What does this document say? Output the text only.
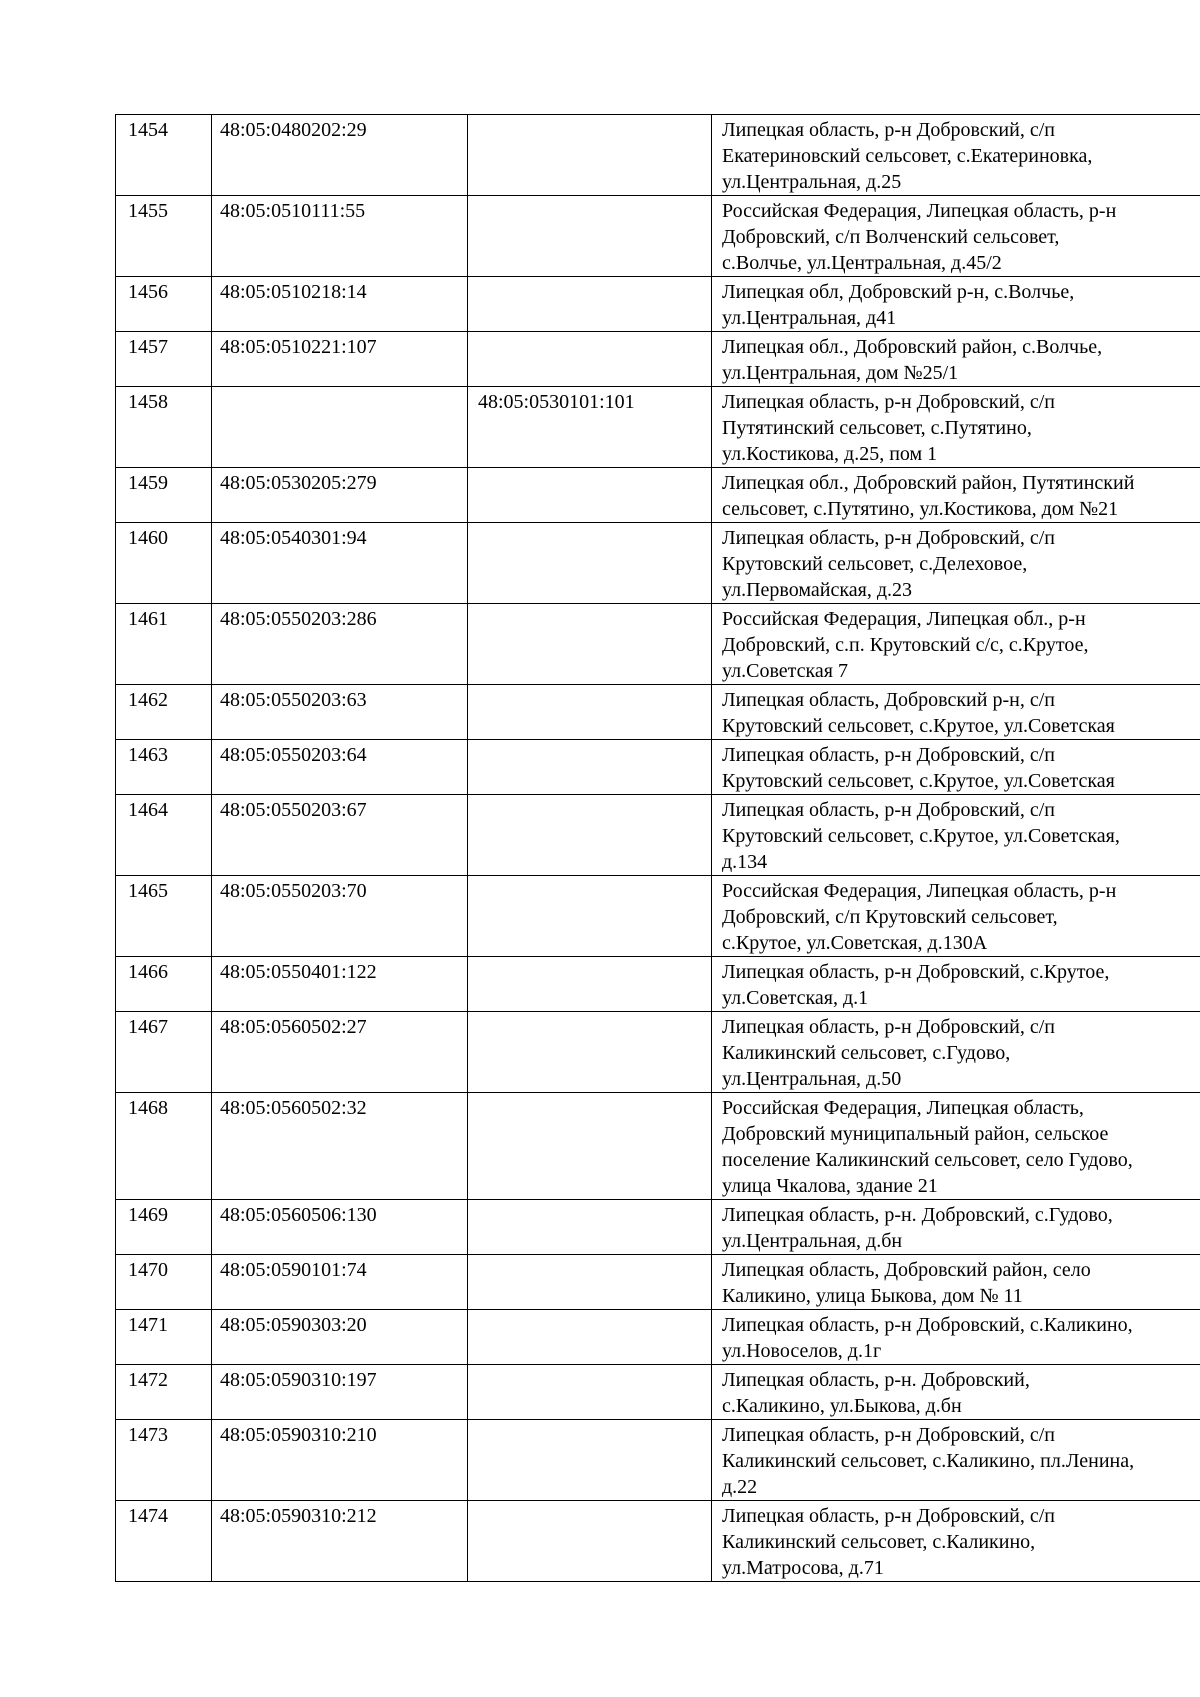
1454	48:05:0480202:29		Липецкая область, р-н Добровский, с/п
Екатериновский сельсовет, с.Екатериновка,
ул.Центральная, д.25

1455	48:05:0510111:55		Российская Федерация, Липецкая область, р-н
Добровский, с/п Волченский сельсовет,
с.Волчье, ул.Центральная, д.45/2

1456	48:05:0510218:14		Липецкая обл, Добровский р-н, с.Волчье,
ул.Центральная, д41

1457	48:05:0510221:107		Липецкая обл., Добровский район, с.Волчье,
ул.Центральная, дом №25/1

1458		48:05:0530101:101	Липецкая область, р-н Добровский, с/п
Путятинский сельсовет, с.Путятино,
ул.Костикова, д.25, пом 1

1459	48:05:0530205:279		Липецкая обл., Добровский район, Путятинский
сельсовет, с.Путятино, ул.Костикова, дом №21

1460	48:05:0540301:94		Липецкая область, р-н Добровский, с/п
Крутовский сельсовет, с.Делеховое,
ул.Первомайская, д.23

1461	48:05:0550203:286		Российская Федерация, Липецкая обл., р-н
Добровский, с.п. Крутовский с/с, с.Крутое,
ул.Советская 7

1462	48:05:0550203:63		Липецкая область, Добровский р-н, с/п
Крутовский сельсовет, с.Крутое, ул.Советская

1463	48:05:0550203:64		Липецкая область, р-н Добровский, с/п
Крутовский сельсовет, с.Крутое, ул.Советская

1464	48:05:0550203:67		Липецкая область, р-н Добровский, с/п
Крутовский сельсовет, с.Крутое, ул.Советская,
д.134

1465	48:05:0550203:70		Российская Федерация, Липецкая область, р-н
Добровский, с/п Крутовский сельсовет,
с.Крутое, ул.Советская, д.130А

1466	48:05:0550401:122		Липецкая область, р-н Добровский, с.Крутое,
ул.Советская, д.1

1467	48:05:0560502:27		Липецкая область, р-н Добровский, с/п
Каликинский сельсовет, с.Гудово,
ул.Центральная, д.50

1468	48:05:0560502:32		Российская Федерация, Липецкая область,
Добровский муниципальный район, сельское
поселение Каликинский сельсовет, село Гудово,
улица Чкалова, здание 21

1469	48:05:0560506:130		Липецкая область, р-н. Добровский, с.Гудово,
ул.Центральная, д.бн

1470	48:05:0590101:74		Липецкая область, Добровский район, село
Каликино, улица Быкова, дом № 11

1471	48:05:0590303:20		Липецкая область, р-н Добровский, с.Каликино,
ул.Новоселов, д.1г

1472	48:05:0590310:197		Липецкая область, р-н. Добровский,
с.Каликино, ул.Быкова, д.бн

1473	48:05:0590310:210		Липецкая область, р-н Добровский, с/п
Каликинский сельсовет, с.Каликино, пл.Ленина,
д.22

1474	48:05:0590310:212		Липецкая область, р-н Добровский, с/п
Каликинский сельсовет, с.Каликино,
ул.Матросова, д.71
